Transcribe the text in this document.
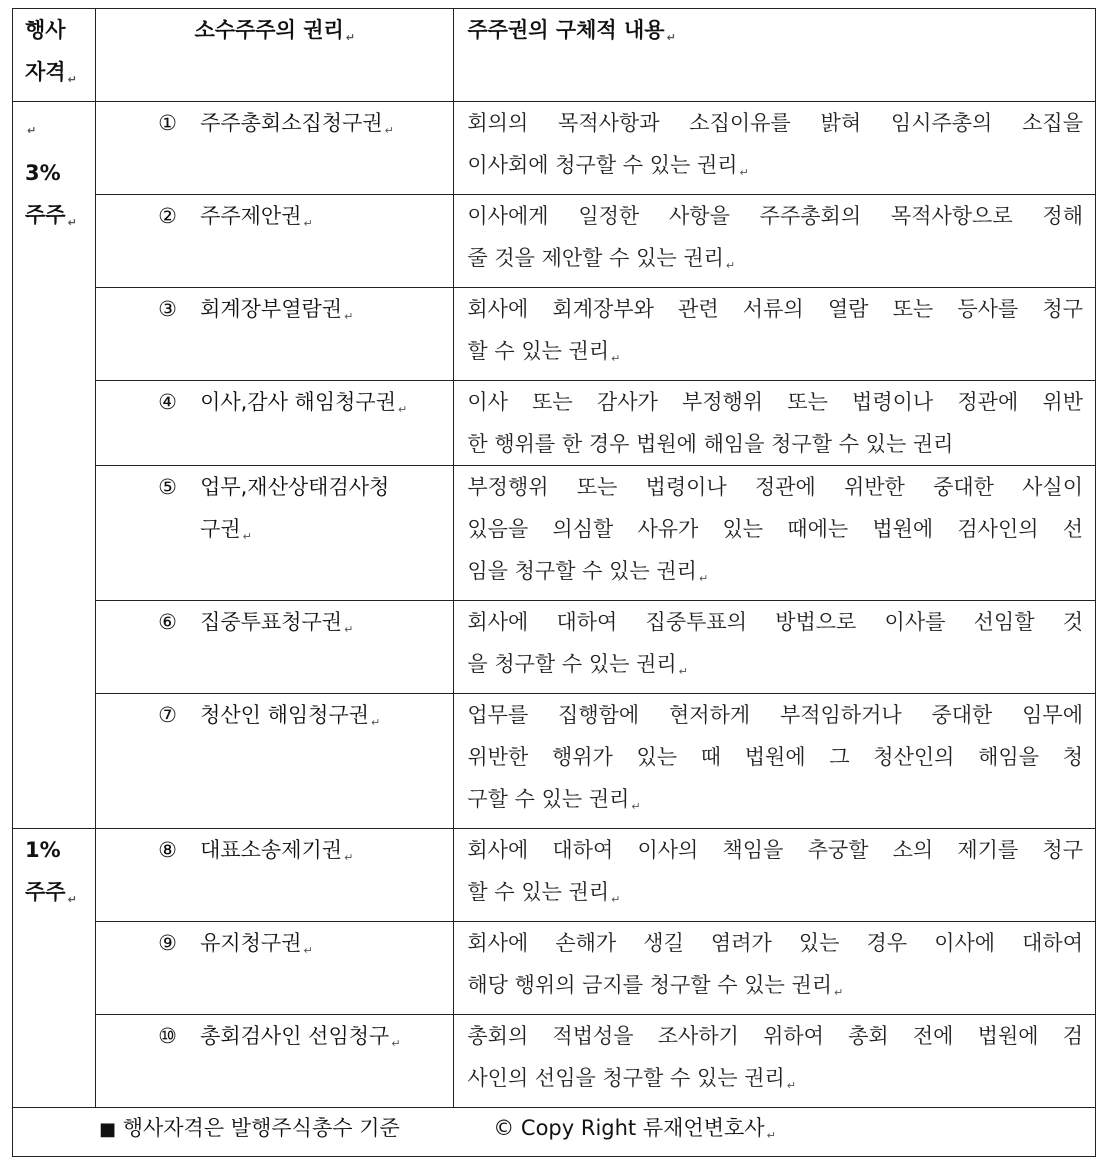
행사
자격 ↵	소수주주의 권리 ↵	주주권의 구체적 내용 ↵

↵
3%
주주 ↵	① 주주총회소집청구권 ↵	회의의 목적사항과 소집이유를 밝혀 임시주총의 소집을
이사회에 청구할 수 있는 권리 ↵

	② 주주제안권 ↵	이사에게 일정한 사항을 주주총회의 목적사항으로 정해
줄 것을 제안할 수 있는 권리 ↵

	③ 회계장부열람권 ↵	회사에 회계장부와 관련 서류의 열람 또는 등사를 청구
할 수 있는 권리 ↵

	④ 이사,감사 해임청구권 ↵	이사 또는 감사가 부정행위 또는 법령이나 정관에 위반
한 행위를 한 경우 법원에 해임을 청구할 수 있는 권리

	⑤ 업무,재산상태검사청
구권 ↵	부정행위 또는 법령이나 정관에 위반한 중대한 사실이
있음을 의심할 사유가 있는 때에는 법원에 검사인의 선
임을 청구할 수 있는 권리 ↵

	⑥ 집중투표청구권 ↵	회사에 대하여 집중투표의 방법으로 이사를 선임할 것
을 청구할 수 있는 권리 ↵

	⑦ 청산인 해임청구권 ↵	업무를 집행함에 현저하게 부적임하거나 중대한 임무에
위반한 행위가 있는 때 법원에 그 청산인의 해임을 청
구할 수 있는 권리 ↵

1%
주주 ↵	⑧ 대표소송제기권 ↵	회사에 대하여 이사의 책임을 추궁할 소의 제기를 청구
할 수 있는 권리 ↵

	⑨ 유지청구권 ↵	회사에 손해가 생길 염려가 있는 경우 이사에 대하여
해당 행위의 금지를 청구할 수 있는 권리 ↵

	⑩ 총회검사인 선임청구 ↵	총회의 적법성을 조사하기 위하여 총회 전에 법원에 검
사인의 선임을 청구할 수 있는 권리 ↵

■ 행사자격은 발행주식총수 기준 © Copy Right 류재언변호사 ↵		
